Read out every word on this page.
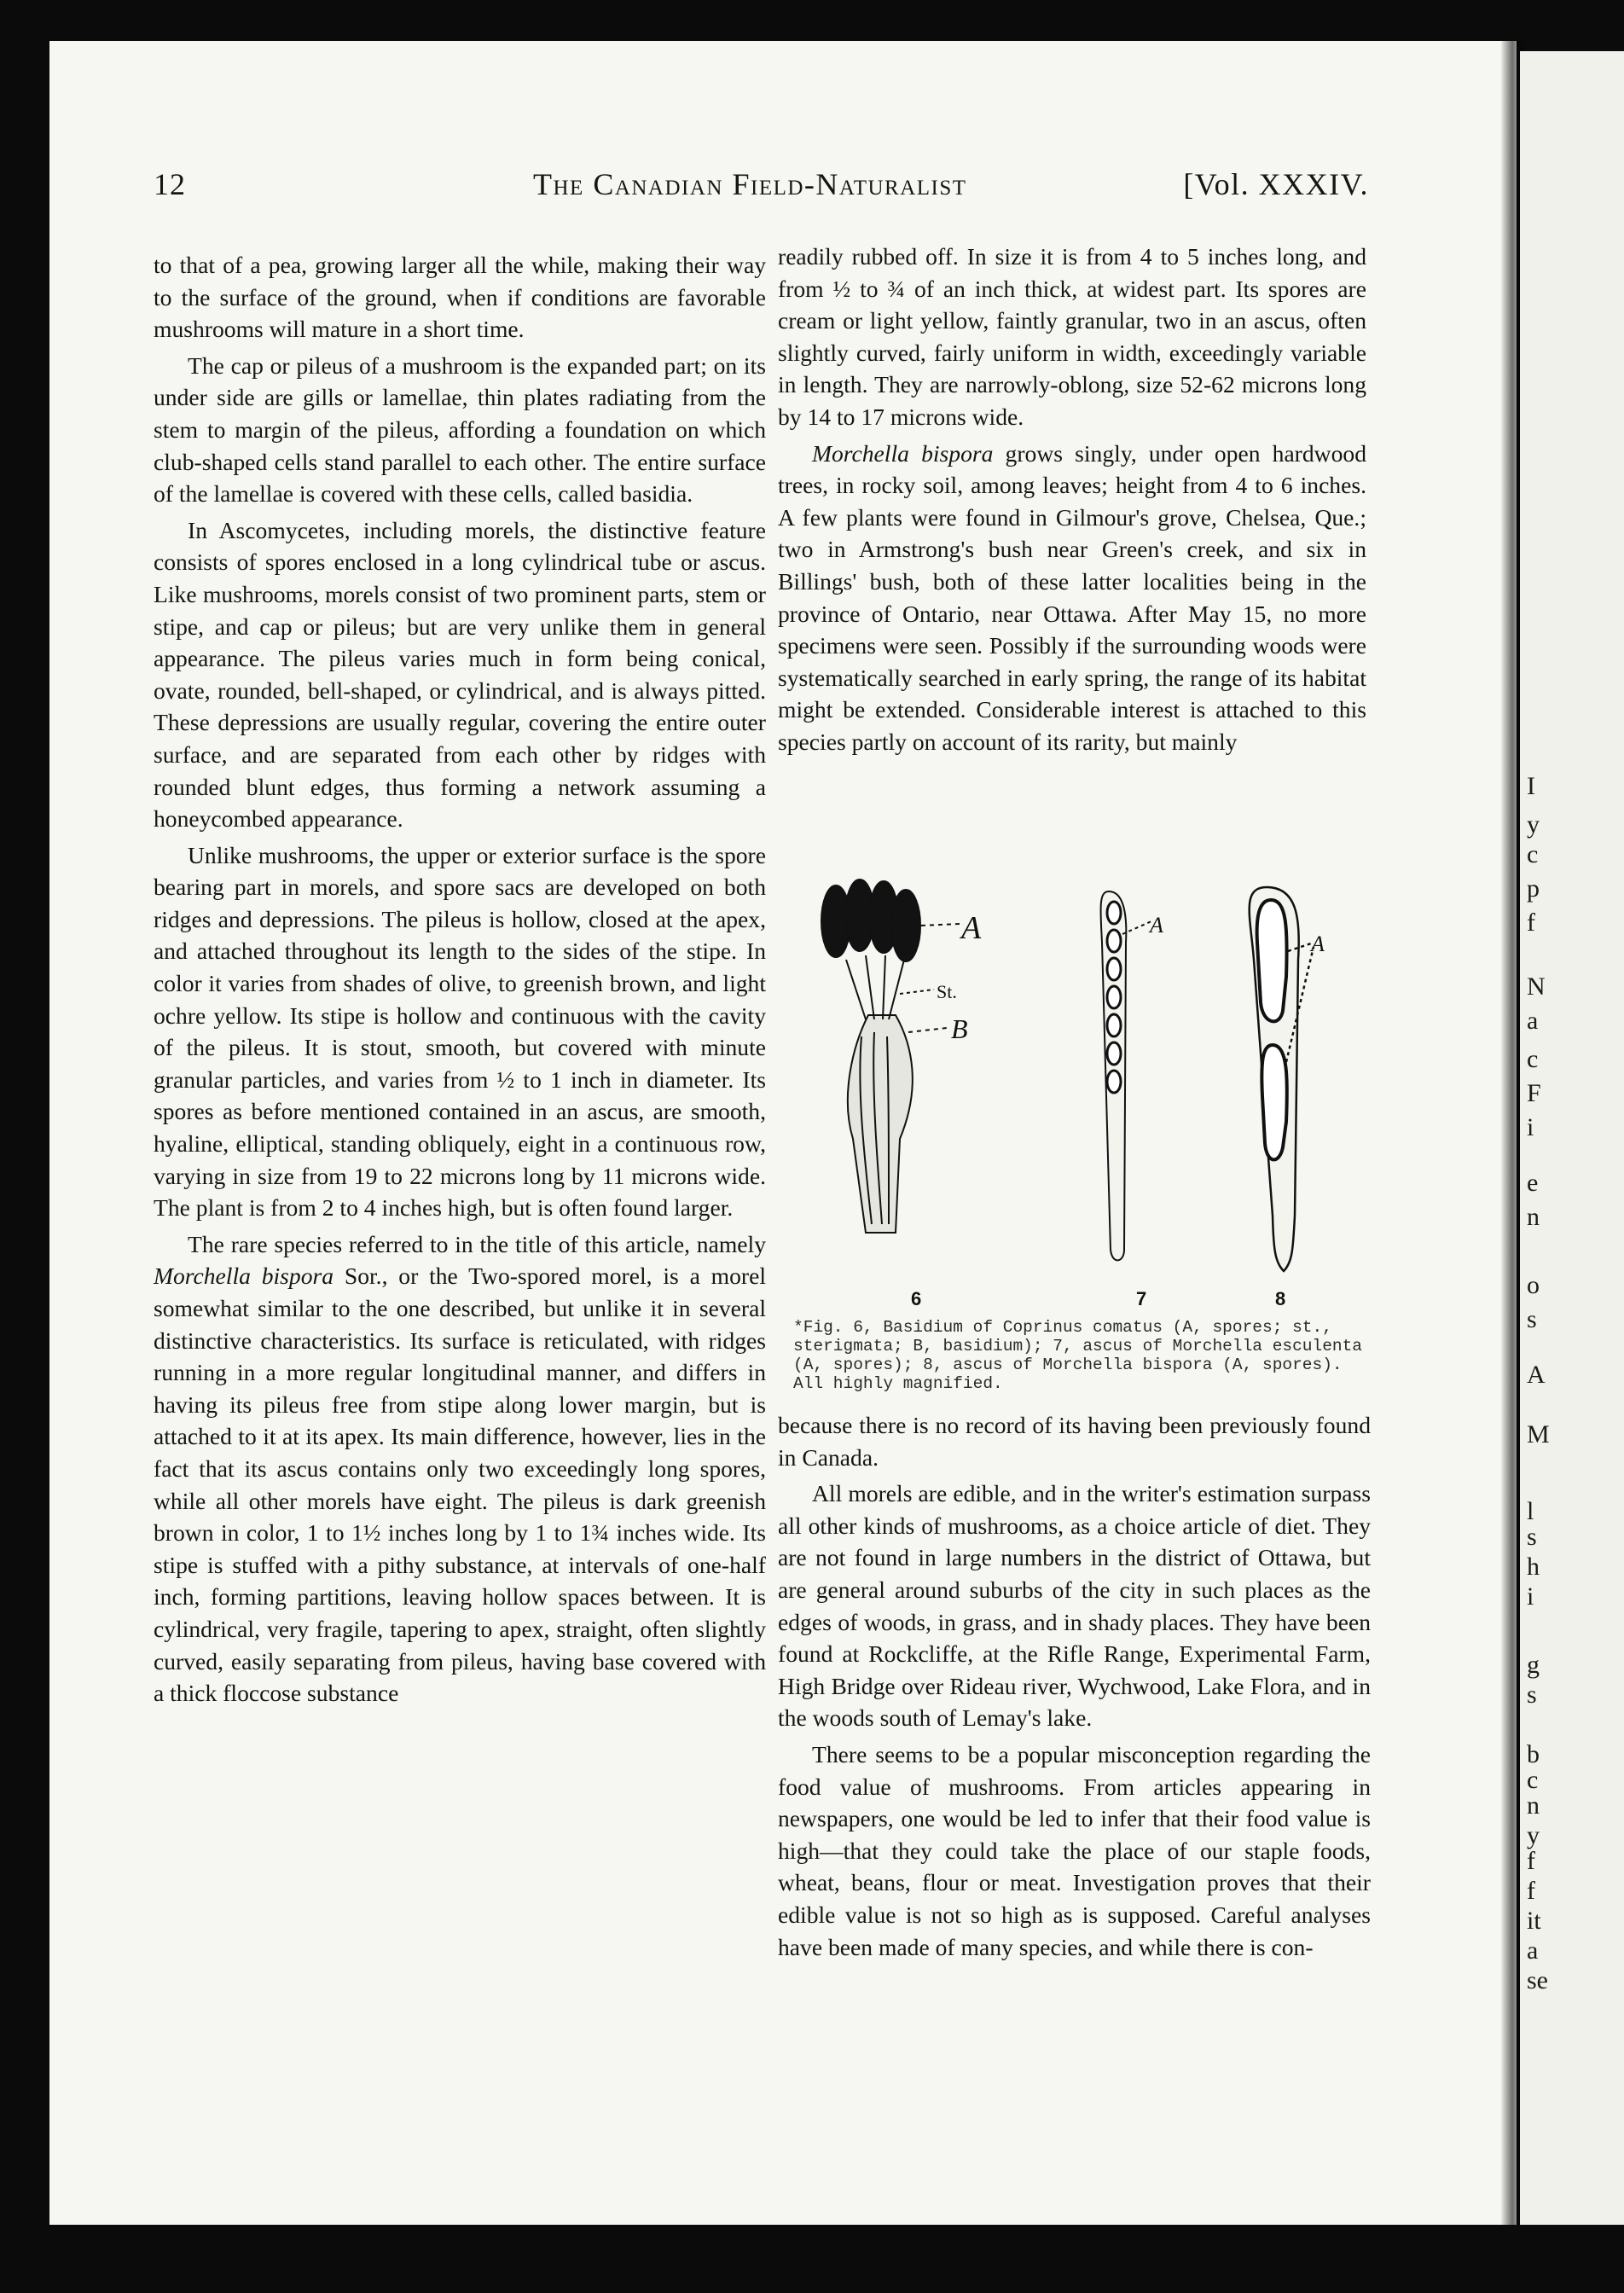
I
y
c
p
f
N
a
c
F
i
e
n
o
s
A
M
l
s
h
i
g
s
b
c
n
y
f
f
it
a
se
12	The Canadian Field-Naturalist	[Vol. XXXIV.

to that of a pea, growing larger all the while, making their way to the surface of the ground, when if conditions are favorable mushrooms will mature in a short time.

The cap or pileus of a mushroom is the expanded part; on its under side are gills or lamellae, thin plates radiating from the stem to margin of the pileus, affording a foundation on which club-shaped cells stand parallel to each other. The entire surface of the lamellae is covered with these cells, called basidia.

In Ascomycetes, including morels, the distinctive feature consists of spores enclosed in a long cylindrical tube or ascus. Like mushrooms, morels consist of two prominent parts, stem or stipe, and cap or pileus; but are very unlike them in general appearance. The pileus varies much in form being conical, ovate, rounded, bell-shaped, or cylindrical, and is always pitted. These depressions are usually regular, covering the entire outer surface, and are separated from each other by ridges with rounded blunt edges, thus forming a network assuming a honeycombed appearance.

Unlike mushrooms, the upper or exterior surface is the spore bearing part in morels, and spore sacs are developed on both ridges and depressions. The pileus is hollow, closed at the apex, and attached throughout its length to the sides of the stipe. In color it varies from shades of olive, to greenish brown, and light ochre yellow. Its stipe is hollow and continuous with the cavity of the pileus. It is stout, smooth, but covered with minute granular particles, and varies from ½ to 1 inch in diameter. Its spores as before mentioned contained in an ascus, are smooth, hyaline, elliptical, standing obliquely, eight in a continuous row, varying in size from 19 to 22 microns long by 11 microns wide. The plant is from 2 to 4 inches high, but is often found larger.

The rare species referred to in the title of this article, namely Morchella bispora Sor., or the Two-spored morel, is a morel somewhat similar to the one described, but unlike it in several distinctive characteristics. Its surface is reticulated, with ridges running in a more regular longitudinal manner, and differs in having its pileus free from stipe along lower margin, but is attached to it at its apex. Its main difference, however, lies in the fact that its ascus contains only two exceedingly long spores, while all other morels have eight. The pileus is dark greenish brown in color, 1 to 1½ inches long by 1 to 1¾ inches wide. Its stipe is stuffed with a pithy substance, at intervals of one-half inch, forming partitions, leaving hollow spaces between. It is cylindrical, very fragile, tapering to apex, straight, often slightly curved, easily separating from pileus, having base covered with a thick floccose substance

readily rubbed off. In size it is from 4 to 5 inches long, and from ½ to ¾ of an inch thick, at widest part. Its spores are cream or light yellow, faintly granular, two in an ascus, often slightly curved, fairly uniform in width, exceedingly variable in length. They are narrowly-oblong, size 52-62 microns long by 14 to 17 microns wide.

Morchella bispora grows singly, under open hardwood trees, in rocky soil, among leaves; height from 4 to 6 inches. A few plants were found in Gilmour's grove, Chelsea, Que.; two in Armstrong's bush near Green's creek, and six in Billings' bush, both of these latter localities being in the province of Ontario, near Ottawa. After May 15, no more specimens were seen. Possibly if the surrounding woods were systematically searched in early spring, the range of its habitat might be extended. Considerable interest is attached to this species partly on account of its rarity, but mainly

A
St.
B
A
A
6	7	8
*Fig. 6, Basidium of Coprinus comatus (A, spores; st., sterigmata; B, basidium); 7, ascus of Morchella esculenta (A, spores); 8, ascus of Morchella bispora (A, spores). All highly magnified.

because there is no record of its having been previously found in Canada.

All morels are edible, and in the writer's estimation surpass all other kinds of mushrooms, as a choice article of diet. They are not found in large numbers in the district of Ottawa, but are general around suburbs of the city in such places as the edges of woods, in grass, and in shady places. They have been found at Rockcliffe, at the Rifle Range, Experimental Farm, High Bridge over Rideau river, Wychwood, Lake Flora, and in the woods south of Lemay's lake.

There seems to be a popular misconception regarding the food value of mushrooms. From articles appearing in newspapers, one would be led to infer that their food value is high—that they could take the place of our staple foods, wheat, beans, flour or meat. Investigation proves that their edible value is not so high as is supposed. Careful analyses have been made of many species, and while there is con-
